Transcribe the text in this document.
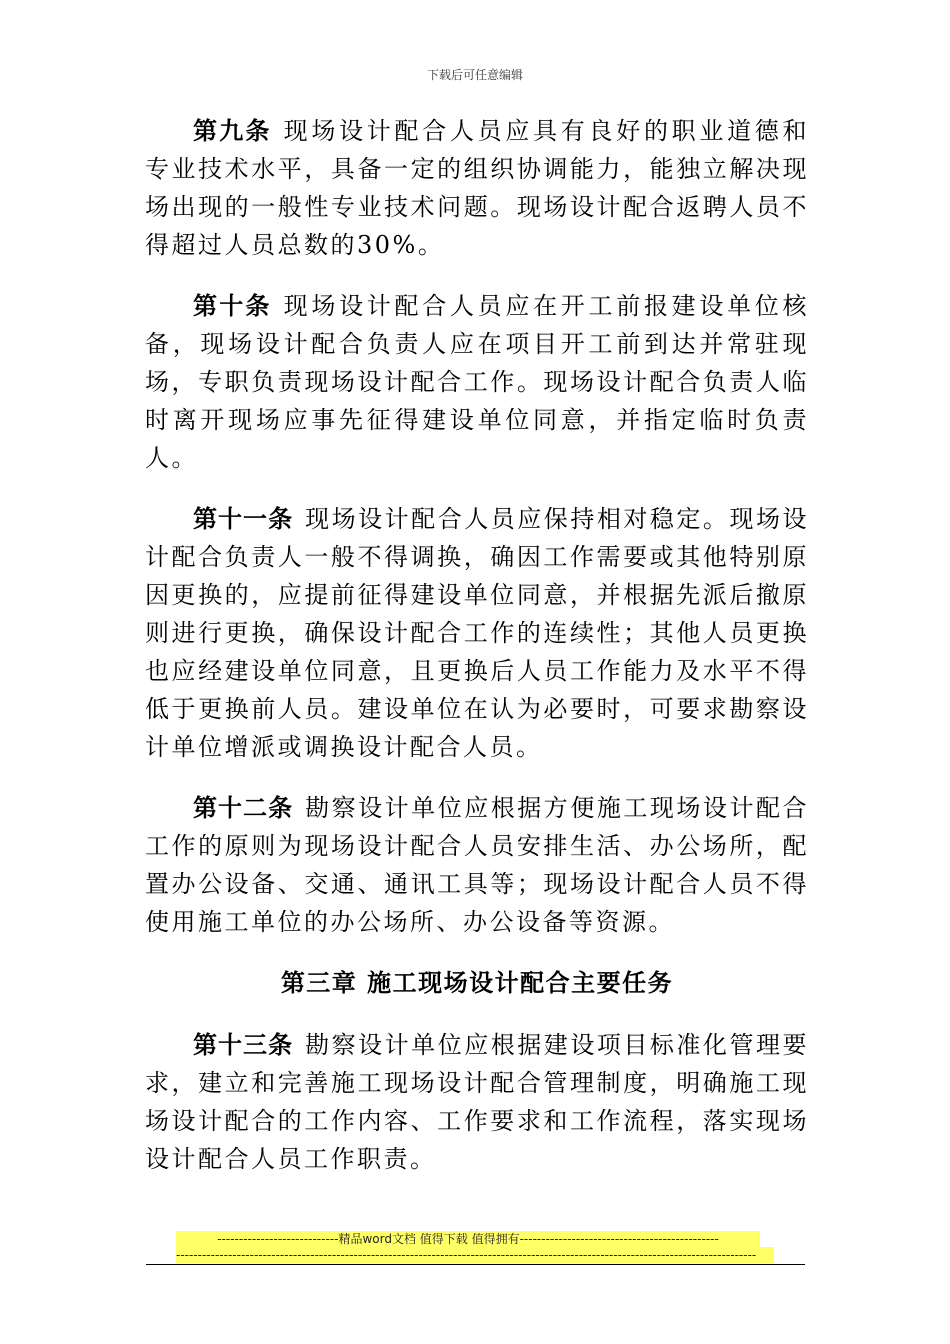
下载后可任意编辑

第九条 现场设计配合人员应具有良好的职业道德和专业技术水平，具备一定的组织协调能力，能独立解决现场出现的一般性专业技术问题。现场设计配合返聘人员不得超过人员总数的30%。

第十条 现场设计配合人员应在开工前报建设单位核备，现场设计配合负责人应在项目开工前到达并常驻现场，专职负责现场设计配合工作。现场设计配合负责人临时离开现场应事先征得建设单位同意，并指定临时负责人。

第十一条 现场设计配合人员应保持相对稳定。现场设计配合负责人一般不得调换，确因工作需要或其他特别原因更换的，应提前征得建设单位同意，并根据先派后撤原则进行更换，确保设计配合工作的连续性；其他人员更换也应经建设单位同意，且更换后人员工作能力及水平不得低于更换前人员。建设单位在认为必要时，可要求勘察设计单位增派或调换设计配合人员。

第十二条 勘察设计单位应根据方便施工现场设计配合工作的原则为现场设计配合人员安排生活、办公场所，配置办公设备、交通、通讯工具等；现场设计配合人员不得使用施工单位的办公场所、办公设备等资源。

第三章 施工现场设计配合主要任务

第十三条 勘察设计单位应根据建设项目标准化管理要求，建立和完善施工现场设计配合管理制度，明确施工现场设计配合的工作内容、工作要求和工作流程，落实现场设计配合人员工作职责。

----------------------------精品word文档 值得下载 值得拥有----------------------------------------------
--------------------------------------------------------------------------------------------------------------------------------------
